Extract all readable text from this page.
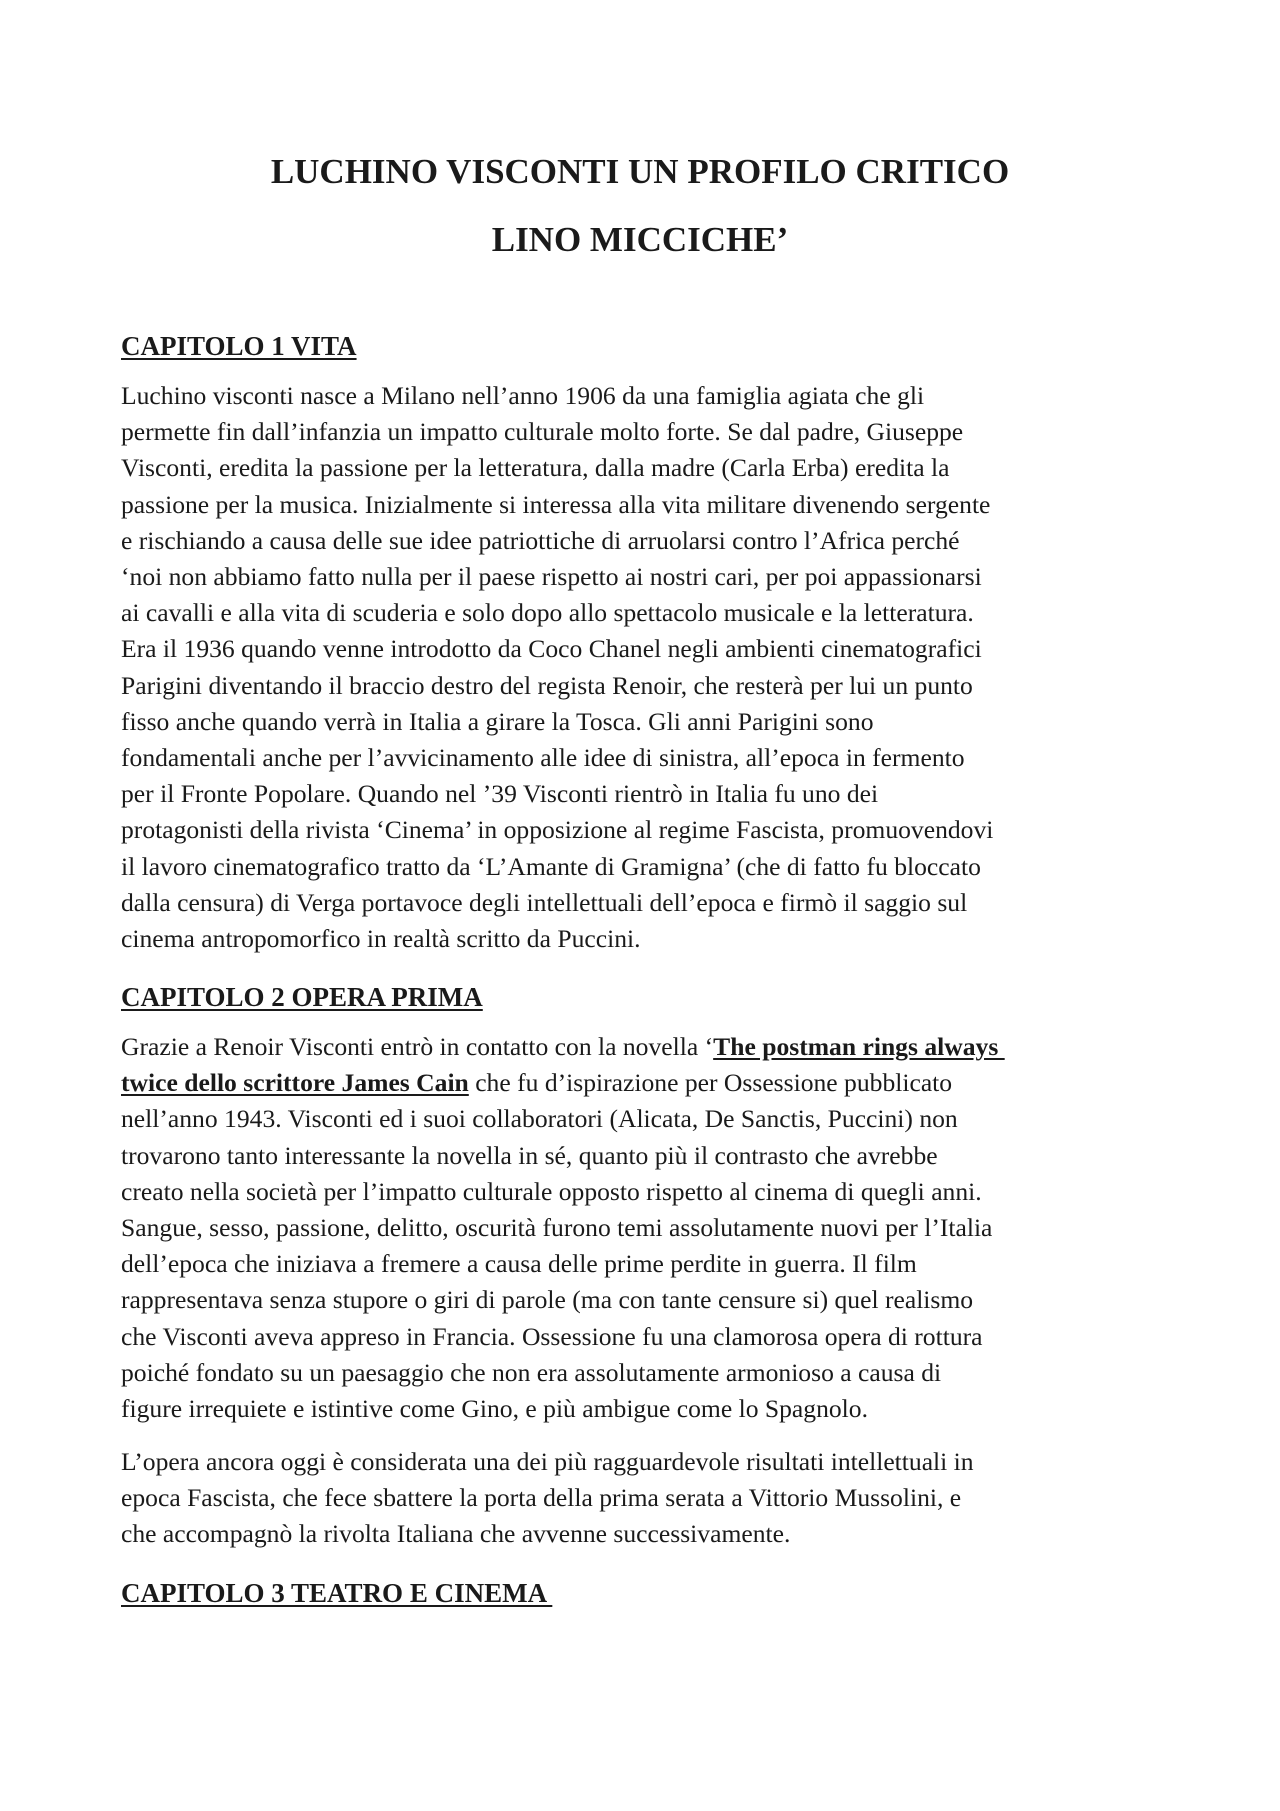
LUCHINO VISCONTI UN PROFILO CRITICO
LINO MICCICHE’
CAPITOLO 1 VITA

Luchino visconti nasce a Milano nell’anno 1906 da una famiglia agiata che gli
permette fin dall’infanzia un impatto culturale molto forte. Se dal padre, Giuseppe
Visconti, eredita la passione per la letteratura, dalla madre (Carla Erba) eredita la
passione per la musica. Inizialmente si interessa alla vita militare divenendo sergente
e rischiando a causa delle sue idee patriottiche di arruolarsi contro l’Africa perché
‘noi non abbiamo fatto nulla per il paese rispetto ai nostri cari, per poi appassionarsi
ai cavalli e alla vita di scuderia e solo dopo allo spettacolo musicale e la letteratura.
Era il 1936 quando venne introdotto da Coco Chanel negli ambienti cinematografici
Parigini diventando il braccio destro del regista Renoir, che resterà per lui un punto
fisso anche quando verrà in Italia a girare la Tosca. Gli anni Parigini sono
fondamentali anche per l’avvicinamento alle idee di sinistra, all’epoca in fermento
per il Fronte Popolare. Quando nel ’39 Visconti rientrò in Italia fu uno dei
protagonisti della rivista ‘Cinema’ in opposizione al regime Fascista, promuovendovi
il lavoro cinematografico tratto da ‘L’Amante di Gramigna’ (che di fatto fu bloccato
dalla censura) di Verga portavoce degli intellettuali dell’epoca e firmò il saggio sul
cinema antropomorfico in realtà scritto da Puccini.

CAPITOLO 2 OPERA PRIMA

Grazie a Renoir Visconti entrò in contatto con la novella ‘The postman rings always
twice dello scrittore James Cain che fu d’ispirazione per Ossessione pubblicato
nell’anno 1943. Visconti ed i suoi collaboratori (Alicata, De Sanctis, Puccini) non
trovarono tanto interessante la novella in sé, quanto più il contrasto che avrebbe
creato nella società per l’impatto culturale opposto rispetto al cinema di quegli anni.
Sangue, sesso, passione, delitto, oscurità furono temi assolutamente nuovi per l’Italia
dell’epoca che iniziava a fremere a causa delle prime perdite in guerra. Il film
rappresentava senza stupore o giri di parole (ma con tante censure si) quel realismo
che Visconti aveva appreso in Francia. Ossessione fu una clamorosa opera di rottura
poiché fondato su un paesaggio che non era assolutamente armonioso a causa di
figure irrequiete e istintive come Gino, e più ambigue come lo Spagnolo.

L’opera ancora oggi è considerata una dei più ragguardevole risultati intellettuali in
epoca Fascista, che fece sbattere la porta della prima serata a Vittorio Mussolini, e
che accompagnò la rivolta Italiana che avvenne successivamente.

CAPITOLO 3 TEATRO E CINEMA
